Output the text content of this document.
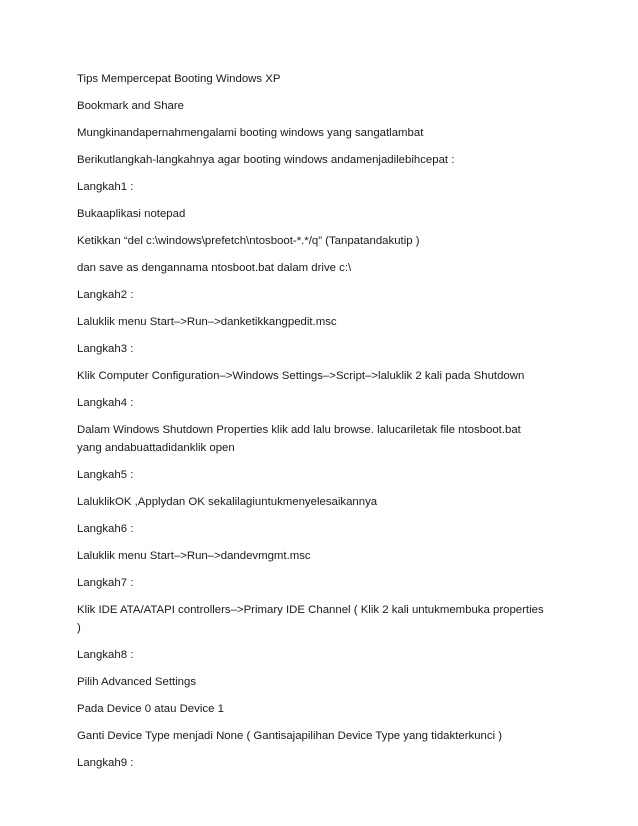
Tips Mempercepat Booting Windows XP

Bookmark and Share

Mungkinandapernahmengalami booting windows yang sangatlambat

Berikutlangkah-langkahnya agar booting windows andamenjadilebihcepat :

Langkah1 :

Bukaaplikasi notepad

Ketikkan “del c:\windows\prefetch\ntosboot-*.*/q” (Tanpatandakutip )

dan save as dengannama ntosboot.bat dalam drive c:\

Langkah2 :

Laluklik menu Start–>Run–>danketikkangpedit.msc

Langkah3 :

Klik Computer Configuration–>Windows Settings–>Script–>laluklik 2 kali pada Shutdown

Langkah4 :

Dalam Windows Shutdown Properties klik add lalu browse. lalucariletak file ntosboot.bat yang andabuattadidanklik open

Langkah5 :

LaluklikOK ,Applydan OK sekalilagiuntukmenyelesaikannya

Langkah6 :

Laluklik menu Start–>Run–>dandevmgmt.msc

Langkah7 :

Klik IDE ATA/ATAPI controllers–>Primary IDE Channel ( Klik 2 kali untukmembuka properties )

Langkah8 :

Pilih Advanced Settings

Pada Device 0 atau Device 1

Ganti Device Type menjadi None ( Gantisajapilihan Device Type yang tidakterkunci )

Langkah9 :
